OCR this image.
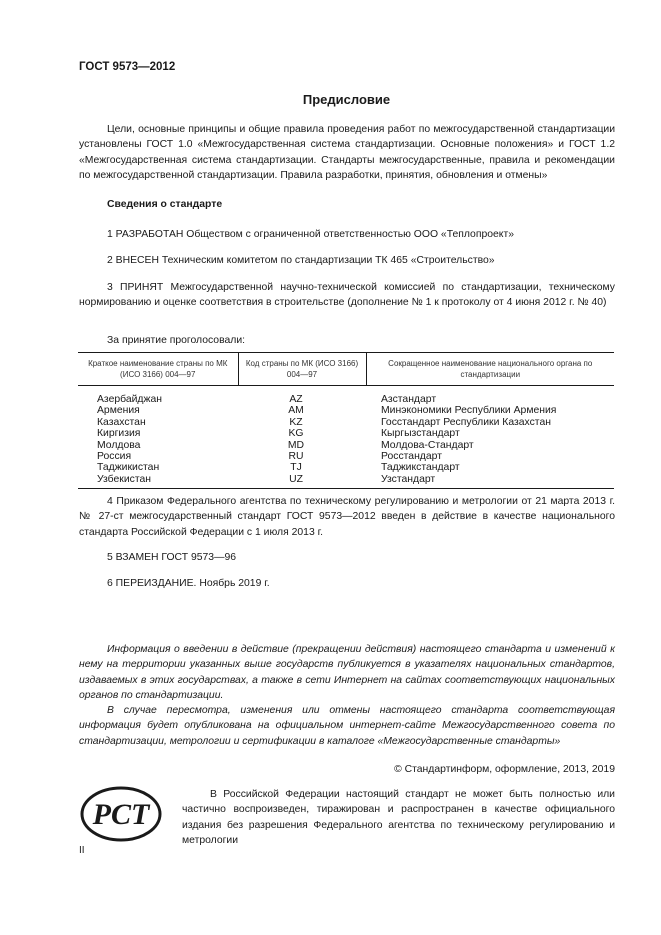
ГОСТ 9573—2012
Предисловие
Цели, основные принципы и общие правила проведения работ по межгосударственной стандартизации установлены ГОСТ 1.0 «Межгосударственная система стандартизации. Основные положения» и ГОСТ 1.2 «Межгосударственная система стандартизации. Стандарты межгосударственные, правила и рекомендации по межгосударственной стандартизации. Правила разработки, принятия, обновления и отмены»
Сведения о стандарте
1 РАЗРАБОТАН Обществом с ограниченной ответственностью ООО «Теплопроект»
2 ВНЕСЕН Техническим комитетом по стандартизации ТК 465 «Строительство»
3 ПРИНЯТ Межгосударственной научно-технической комиссией по стандартизации, техническому нормированию и оценке соответствия в строительстве (дополнение № 1 к протоколу от 4 июня 2012 г. № 40)
За принятие проголосовали:
Краткое наименование страны по МК (ИСО 3166) 004—97	Код страны по МК (ИСО 3166) 004—97	Сокращенное наименование национального органа по стандартизации
Азербайджан	AZ	Азстандарт
Армения	AM	Минэкономики Республики Армения
Казахстан	KZ	Госстандарт Республики Казахстан
Киргизия	KG	Кыргызстандарт
Молдова	MD	Молдова-Стандарт
Россия	RU	Росстандарт
Таджикистан	TJ	Таджикстандарт
Узбекистан	UZ	Узстандарт
4 Приказом Федерального агентства по техническому регулированию и метрологии от 21 марта 2013 г. № 27-ст межгосударственный стандарт ГОСТ 9573—2012 введен в действие в качестве национального стандарта Российской Федерации с 1 июля 2013 г.
5 ВЗАМЕН ГОСТ 9573—96
6 ПЕРЕИЗДАНИЕ. Ноябрь 2019 г.
Информация о введении в действие (прекращении действия) настоящего стандарта и изменений к нему на территории указанных выше государств публикуется в указателях национальных стандартов, издаваемых в этих государствах, а также в сети Интернет на сайтах соответствующих национальных органов по стандартизации.
В случае пересмотра, изменения или отмены настоящего стандарта соответствующая информация будет опубликована на официальном интернет-сайте Межгосударственного совета по стандартизации, метрологии и сертификации в каталоге «Межгосударственные стандарты»
© Стандартинформ, оформление, 2013, 2019
РСТ
В Российской Федерации настоящий стандарт не может быть полностью или частично воспроизведен, тиражирован и распространен в качестве официального издания без разрешения Федерального агентства по техническому регулированию и метрологии
II
